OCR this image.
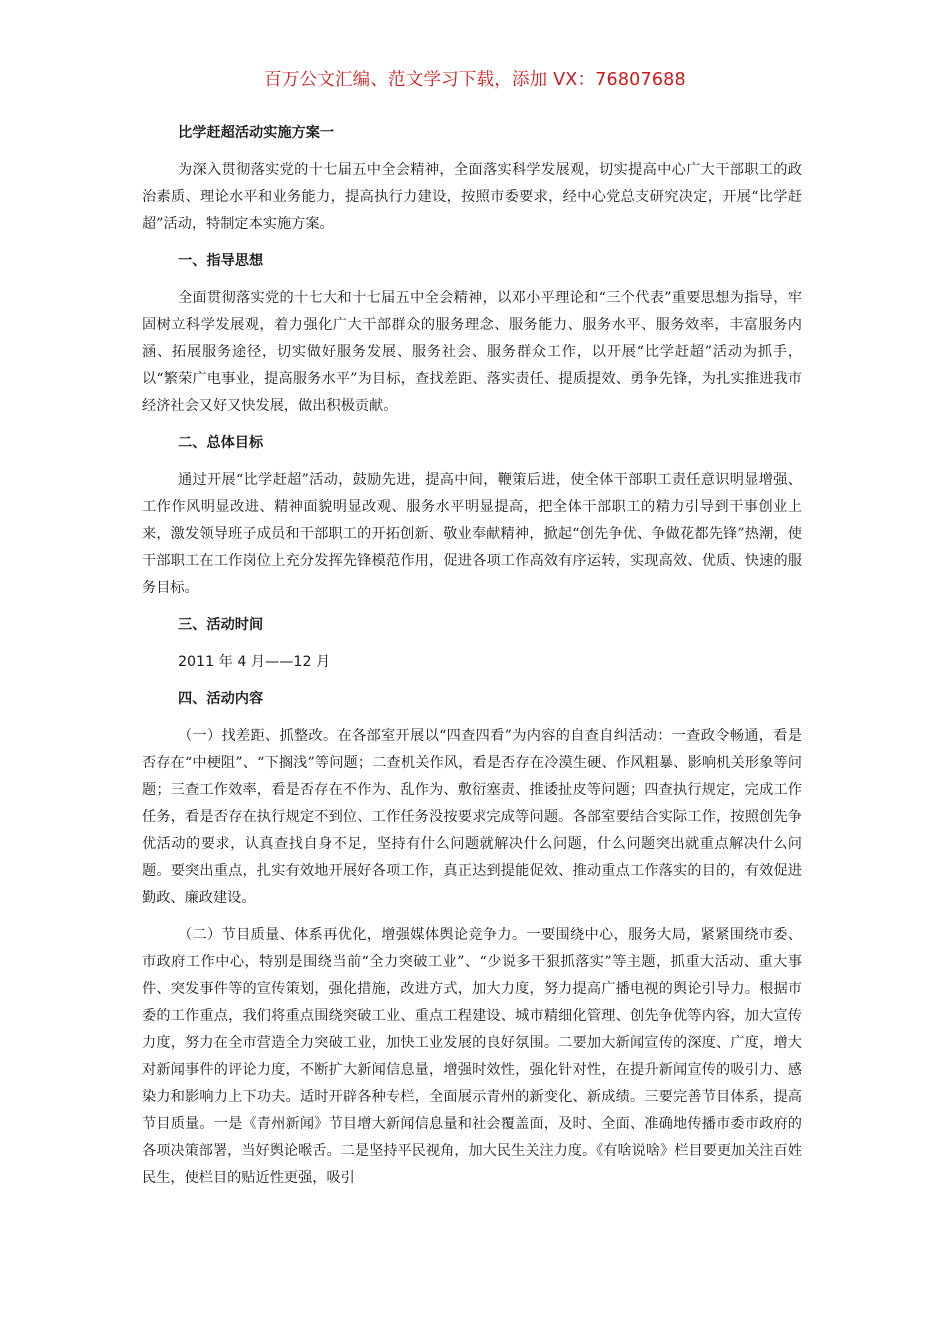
百万公文汇编、范文学习下载，添加 VX：76807688

比学赶超活动实施方案一

为深入贯彻落实党的十七届五中全会精神，全面落实科学发展观，切实提高中心广大干部职工的政治素质、理论水平和业务能力，提高执行力建设，按照市委要求，经中心党总支研究决定，开展“比学赶超”活动，特制定本实施方案。

一、指导思想

全面贯彻落实党的十七大和十七届五中全会精神，以邓小平理论和“三个代表”重要思想为指导，牢固树立科学发展观，着力强化广大干部群众的服务理念、服务能力、服务水平、服务效率，丰富服务内涵、拓展服务途径，切实做好服务发展、服务社会、服务群众工作，以开展“比学赶超”活动为抓手，以“繁荣广电事业，提高服务水平”为目标，查找差距、落实责任、提质提效、勇争先锋，为扎实推进我市经济社会又好又快发展，做出积极贡献。

二、总体目标

通过开展“比学赶超”活动，鼓励先进，提高中间，鞭策后进，使全体干部职工责任意识明显增强、工作作风明显改进、精神面貌明显改观、服务水平明显提高，把全体干部职工的精力引导到干事创业上来，激发领导班子成员和干部职工的开拓创新、敬业奉献精神，掀起“创先争优、争做花都先锋”热潮，使干部职工在工作岗位上充分发挥先锋模范作用，促进各项工作高效有序运转，实现高效、优质、快速的服务目标。

三、活动时间

2011 年 4 月——12 月

四、活动内容

（一）找差距、抓整改。在各部室开展以“四查四看”为内容的自查自纠活动：一查政令畅通，看是否存在“中梗阻”、“下搁浅”等问题；二查机关作风，看是否存在冷漠生硬、作风粗暴、影响机关形象等问题；三查工作效率，看是否存在不作为、乱作为、敷衍塞责、推诿扯皮等问题；四查执行规定，完成工作任务，看是否存在执行规定不到位、工作任务没按要求完成等问题。各部室要结合实际工作，按照创先争优活动的要求，认真查找自身不足，坚持有什么问题就解决什么问题，什么问题突出就重点解决什么问题。要突出重点，扎实有效地开展好各项工作，真正达到提能促效、推动重点工作落实的目的，有效促进勤政、廉政建设。

（二）节目质量、体系再优化，增强媒体舆论竞争力。一要围绕中心，服务大局，紧紧围绕市委、市政府工作中心，特别是围绕当前“全力突破工业”、“少说多干狠抓落实”等主题，抓重大活动、重大事件、突发事件等的宣传策划，强化措施，改进方式，加大力度，努力提高广播电视的舆论引导力。根据市委的工作重点，我们将重点围绕突破工业、重点工程建设、城市精细化管理、创先争优等内容，加大宣传力度，努力在全市营造全力突破工业，加快工业发展的良好氛围。二要加大新闻宣传的深度、广度，增大对新闻事件的评论力度，不断扩大新闻信息量，增强时效性，强化针对性，在提升新闻宣传的吸引力、感染力和影响力上下功夫。适时开辟各种专栏，全面展示青州的新变化、新成绩。三要完善节目体系，提高节目质量。一是《青州新闻》节目增大新闻信息量和社会覆盖面，及时、全面、准确地传播市委市政府的各项决策部署，当好舆论喉舌。二是坚持平民视角，加大民生关注力度。《有啥说啥》栏目要更加关注百姓民生，使栏目的贴近性更强，吸引
